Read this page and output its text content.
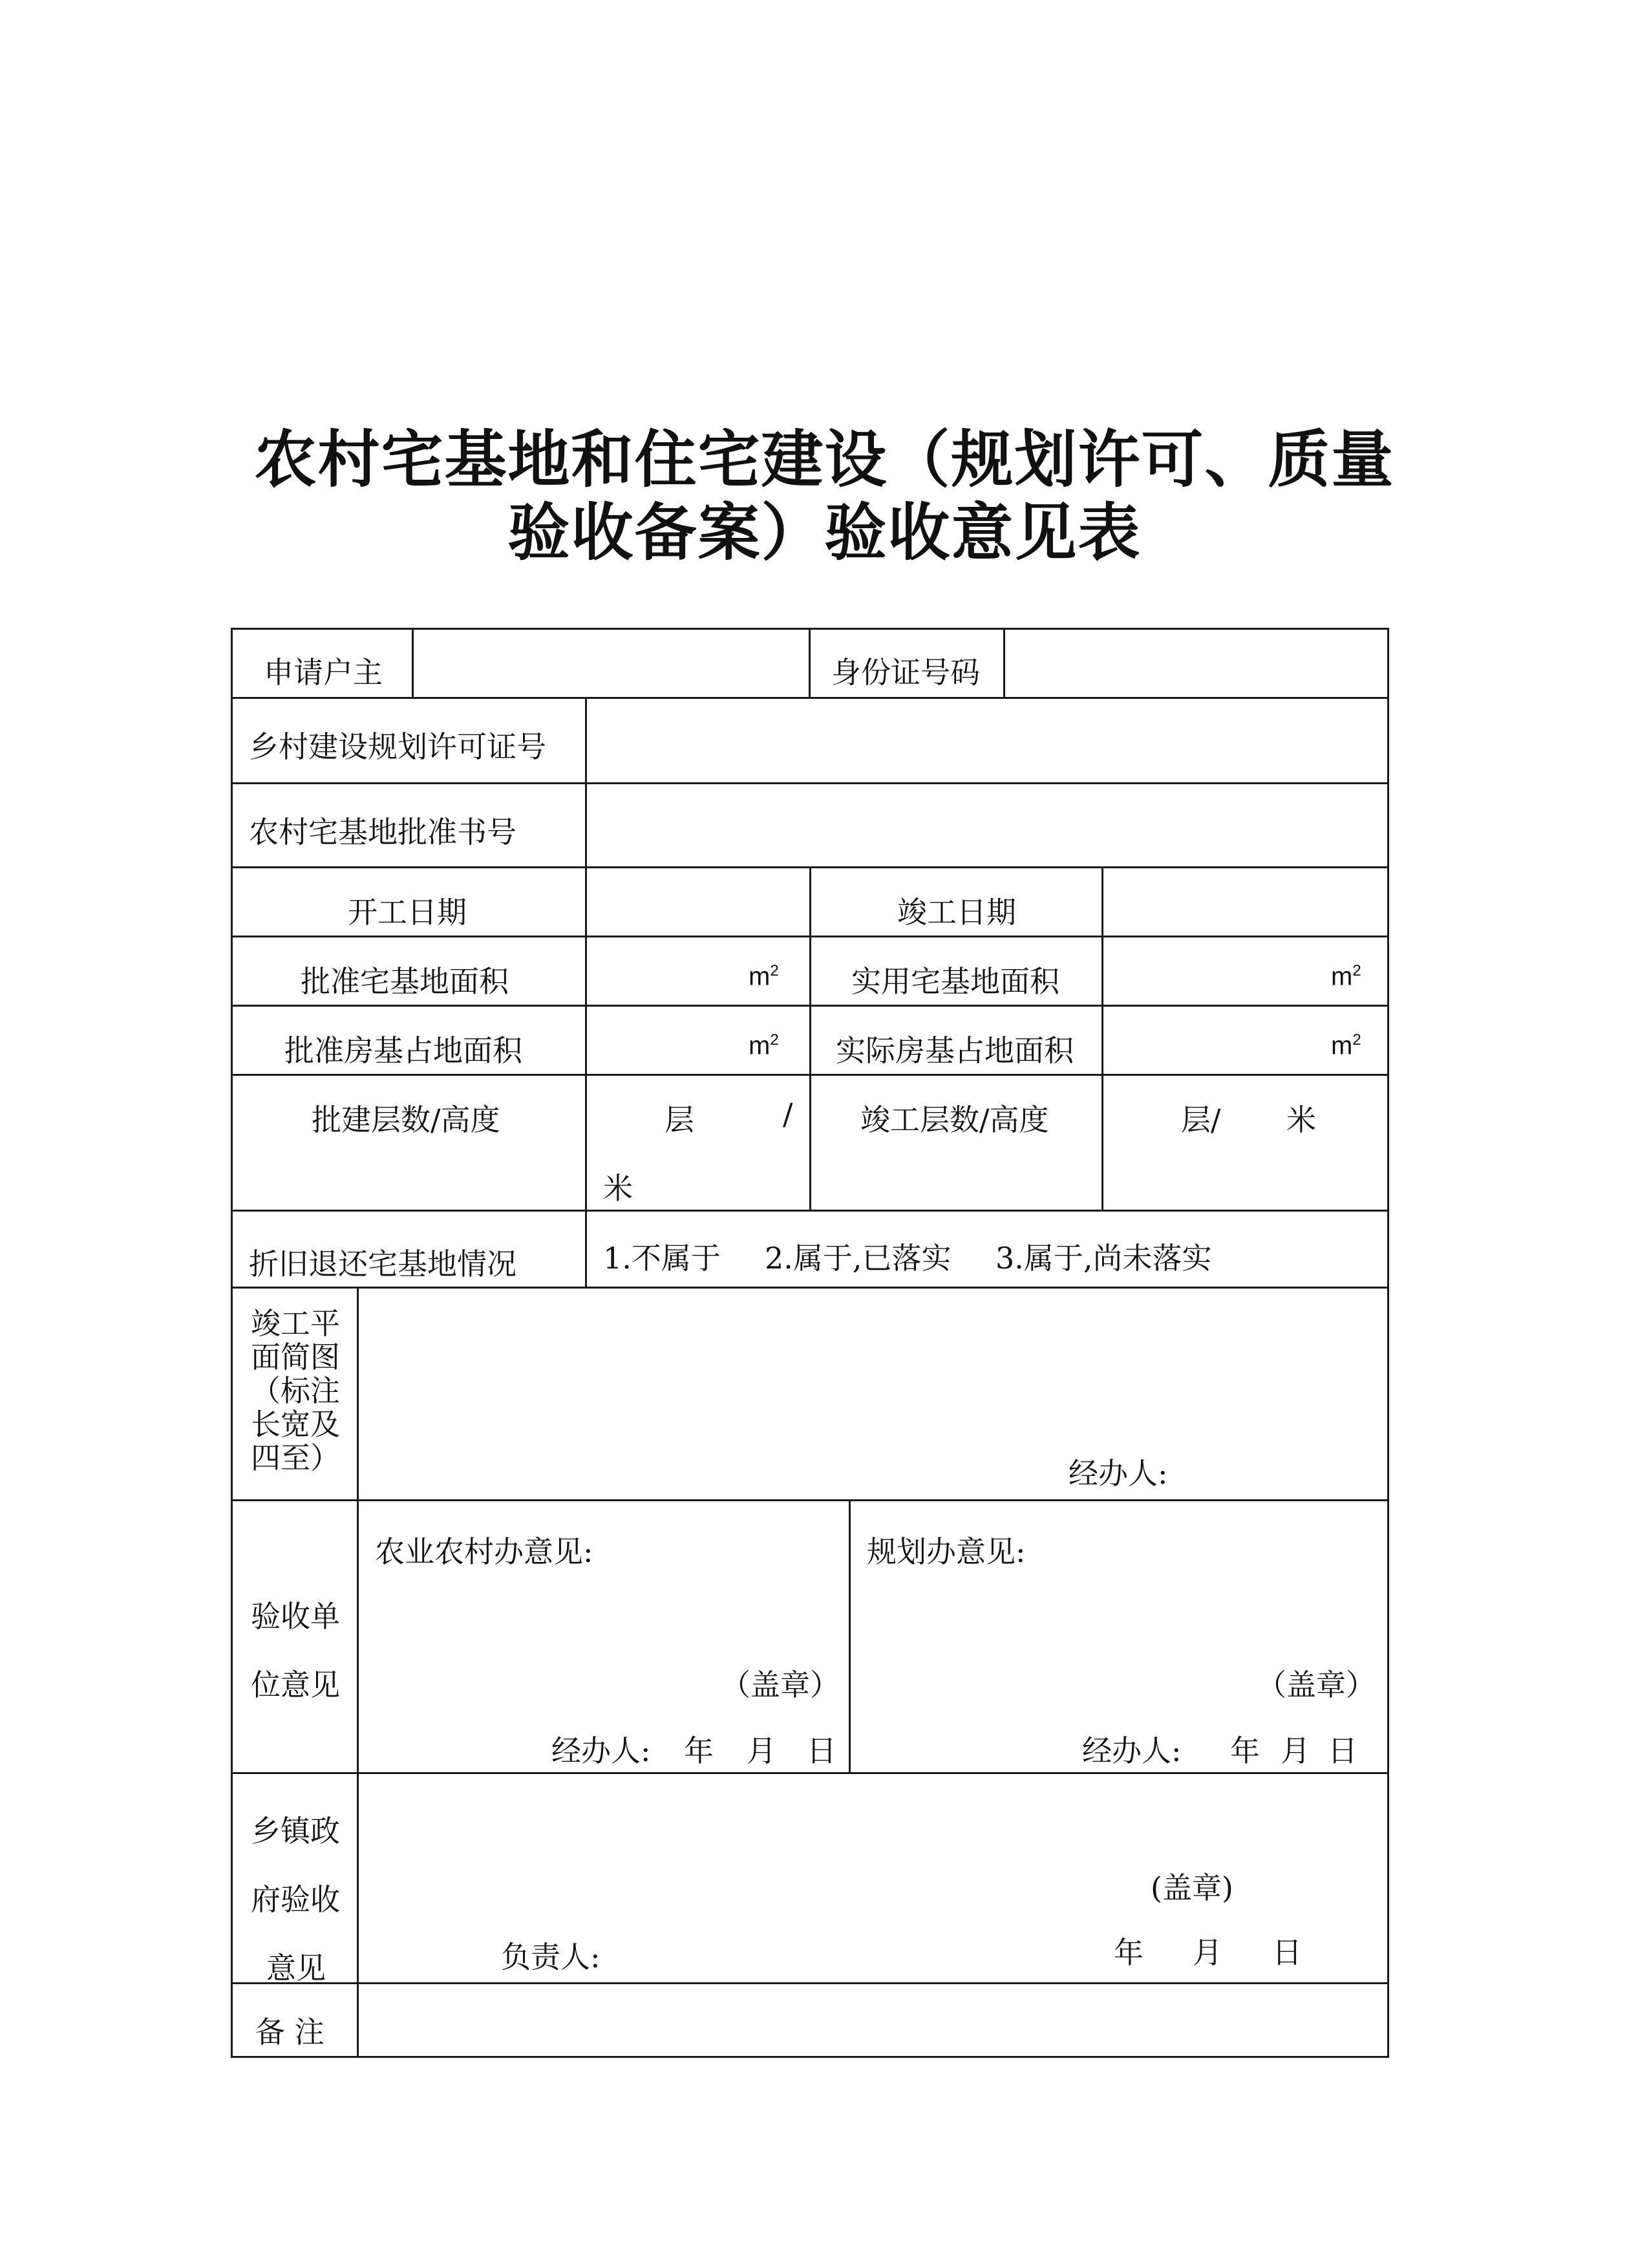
农村宅基地和住宅建设（规划许可、质量
验收备案）验收意见表
申请户主	身份证号码
乡村建设规划许可证号
农村宅基地批准书号
开工日期	竣工日期
批准宅基地面积	$m^2$ 实用宅基地面积	$m^2$
批准房基占地面积	$m^2$ 实际房基占地面积	$m^2$
批建层数/高度	层	/
米
竣工层数/高度	层/ 米
折旧退还宅基地情况	1.不属于 2.属于,已落实 3.属于,尚未落实
竣工平
面简图
（标注
长宽及
四至）	经办人:
验收单
位意见
农业农村办意见:
（盖章）
经办人: 年 月 日
规划办意见:
（盖章）
经办人: 年 月 日
乡镇政
府验收
意见
(盖章)
负责人:	年 月 日
备 注
